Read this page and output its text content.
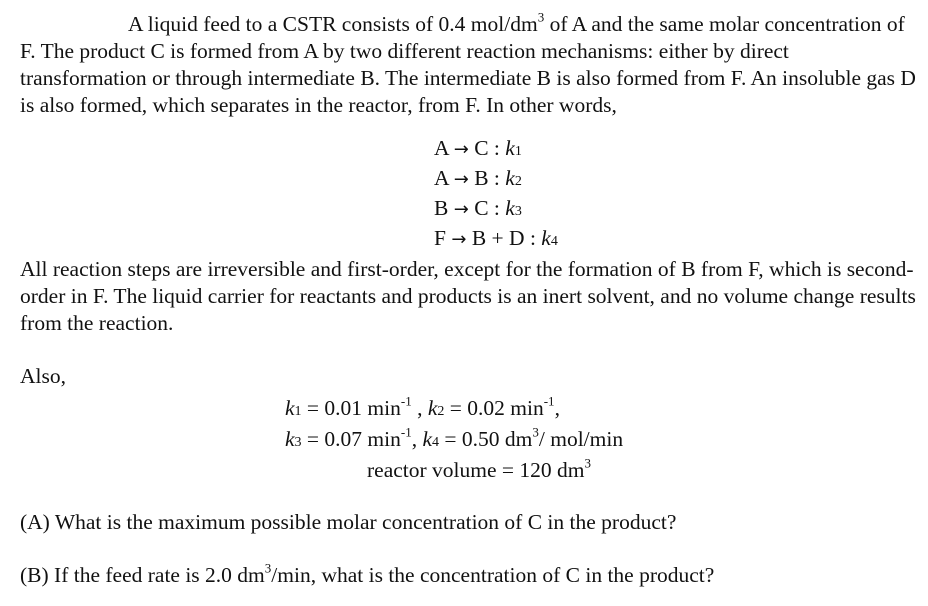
A liquid feed to a CSTR consists of 0.4 mol/$dm^3$ of A and the same molar concentration of F. The product C is formed from A by two different reaction mechanisms: either by direct transformation or through intermediate B. The intermediate B is also formed from F. An insoluble gas D is also formed, which separates in the reactor, from F. In other words,

A → C : k1
A → B : k2
B → C : k3
F → B + D : k4

All reaction steps are irreversible and first-order, except for the formation of B from F, which is second-order in F. The liquid carrier for reactants and products is an inert solvent, and no volume change results from the reaction.

Also,

k1 = 0.01 $\min^{-1}$ , k2 = 0.02 $\min^{-1}$,
k3 = 0.07 $\min^{-1}$, k4 = 0.50 $dm^3/$ mol/min
reactor volume = 120 $dm^3$

(A) What is the maximum possible molar concentration of C in the product?

(B) If the feed rate is 2.0 $dm^3/\min$, what is the concentration of C in the product?
